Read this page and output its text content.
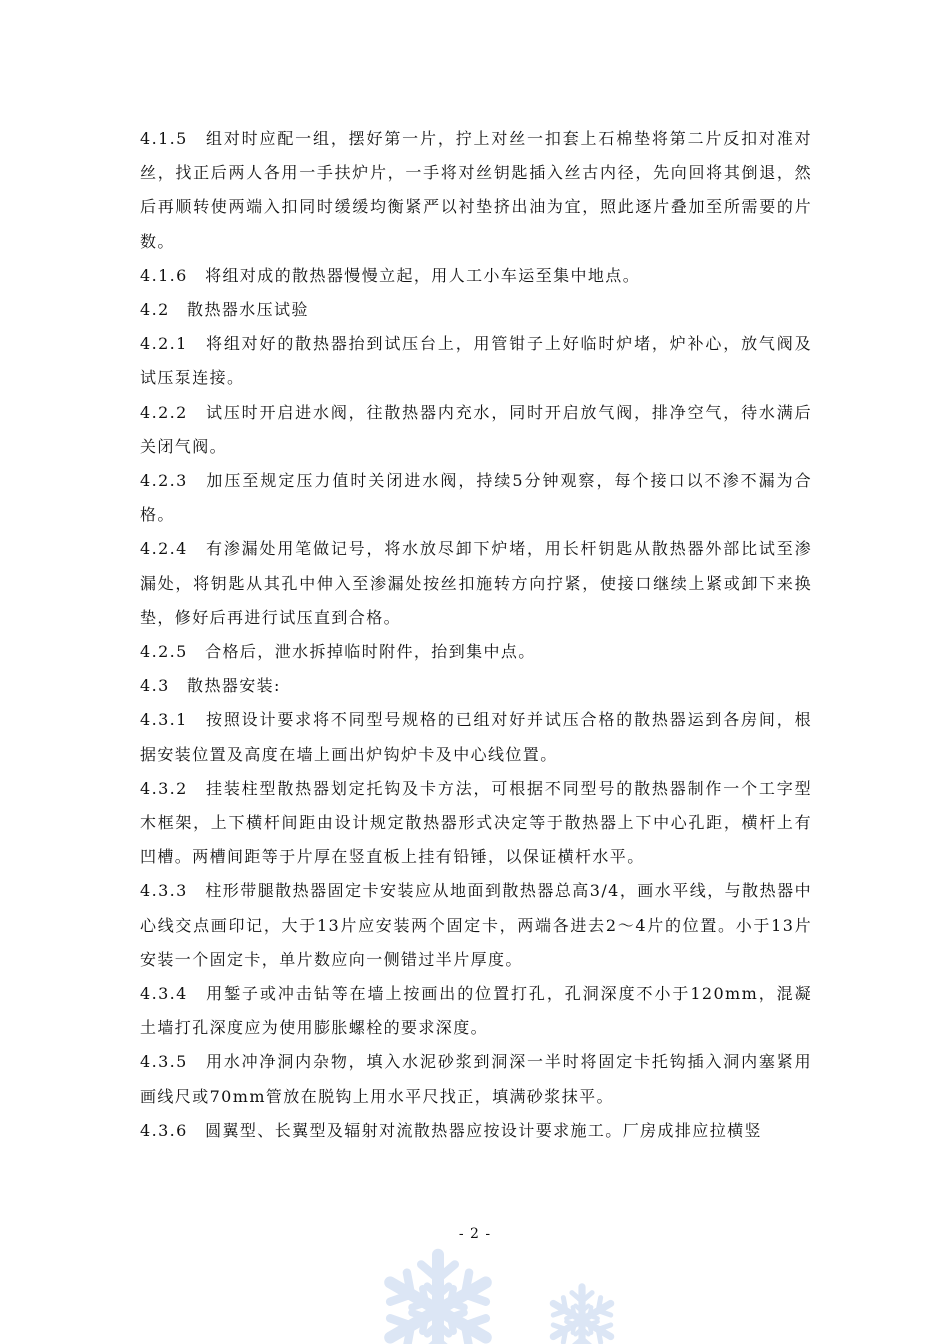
4.1.5　组对时应配一组，摆好第一片，拧上对丝一扣套上石棉垫将第二片反扣对准对丝，找正后两人各用一手扶炉片，一手将对丝钥匙插入丝古内径，先向回将其倒退，然后再顺转使两端入扣同时缓缓均衡紧严以衬垫挤出油为宜，照此逐片叠加至所需要的片数。

4.1.6　将组对成的散热器慢慢立起，用人工小车运至集中地点。

4.2　散热器水压试验

4.2.1　将组对好的散热器抬到试压台上，用管钳子上好临时炉堵，炉补心，放气阀及试压泵连接。

4.2.2　试压时开启进水阀，往散热器内充水，同时开启放气阀，排净空气，待水满后关闭气阀。

4.2.3　加压至规定压力值时关闭进水阀，持续5分钟观察，每个接口以不渗不漏为合格。

4.2.4　有渗漏处用笔做记号，将水放尽卸下炉堵，用长杆钥匙从散热器外部比试至渗漏处，将钥匙从其孔中伸入至渗漏处按丝扣施转方向拧紧，使接口继续上紧或卸下来换垫，修好后再进行试压直到合格。

4.2.5　合格后，泄水拆掉临时附件，抬到集中点。

4.3　散热器安装:

4.3.1　按照设计要求将不同型号规格的已组对好并试压合格的散热器运到各房间，根据安装位置及高度在墙上画出炉钩炉卡及中心线位置。

4.3.2　挂装柱型散热器划定托钩及卡方法，可根据不同型号的散热器制作一个工字型木框架，上下横杆间距由设计规定散热器形式决定等于散热器上下中心孔距，横杆上有凹槽。两槽间距等于片厚在竖直板上挂有铅锤，以保证横杆水平。

4.3.3　柱形带腿散热器固定卡安装应从地面到散热器总高3/4，画水平线，与散热器中心线交点画印记，大于13片应安装两个固定卡，两端各进去2～4片的位置。小于13片安装一个固定卡，单片数应向一侧错过半片厚度。

4.3.4　用錾子或冲击钻等在墙上按画出的位置打孔，孔洞深度不小于120mm，混凝土墙打孔深度应为使用膨胀螺栓的要求深度。

4.3.5　用水冲净洞内杂物，填入水泥砂浆到洞深一半时将固定卡托钩插入洞内塞紧用画线尺或70mm管放在脱钩上用水平尺找正，填满砂浆抹平。

4.3.6　圆翼型、长翼型及辐射对流散热器应按设计要求施工。厂房成排应拉横竖

- 2 -
